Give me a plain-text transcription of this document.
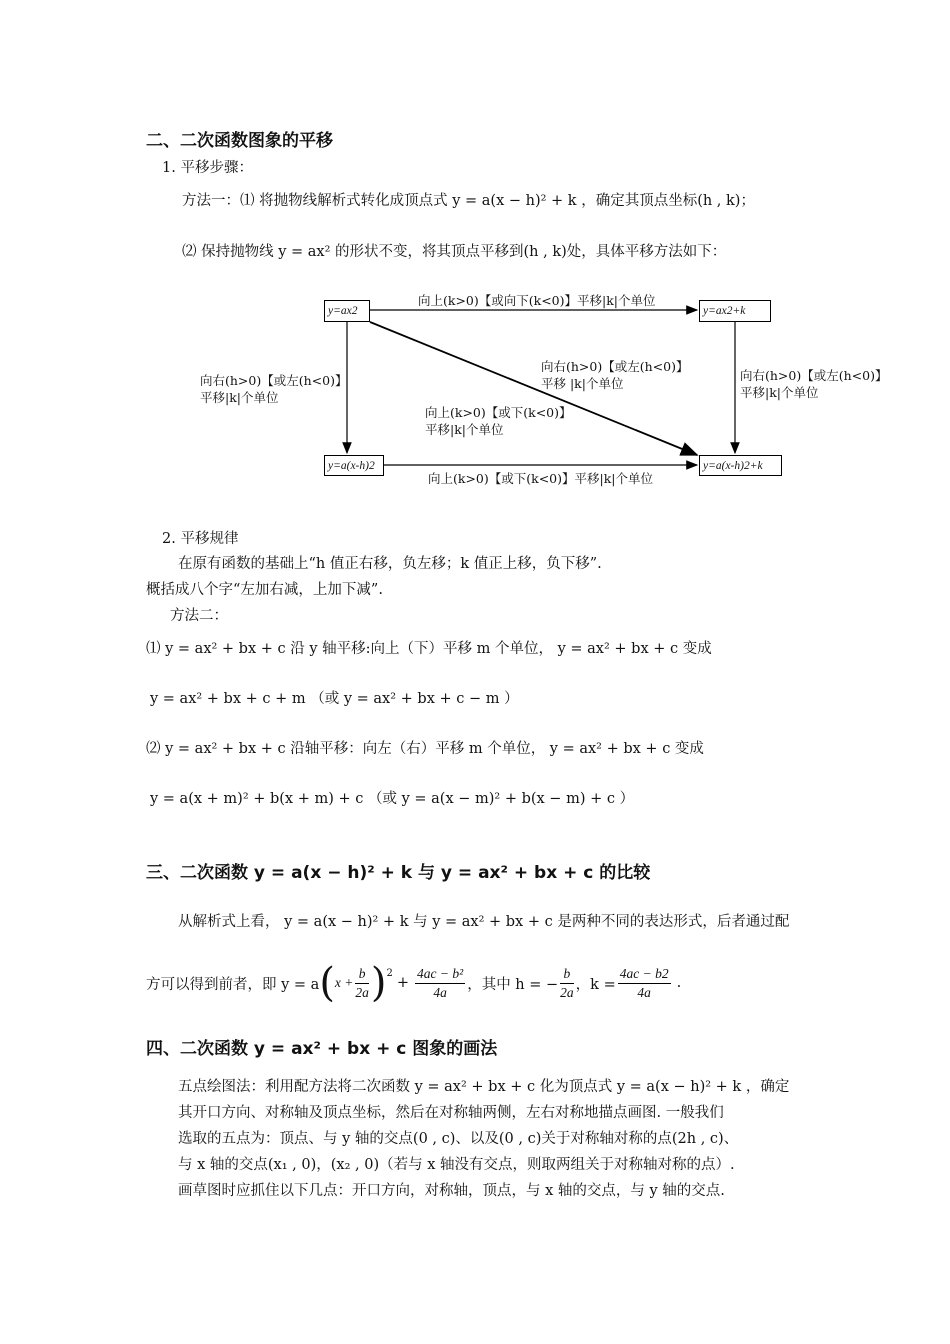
二、二次函数图象的平移
1. 平移步骤：
方法一：⑴ 将抛物线解析式转化成顶点式 y = a(x − h)² + k ，确定其顶点坐标(h , k)；
⑵ 保持抛物线 y = ax² 的形状不变，将其顶点平移到(h , k)处，具体平移方法如下：
y=ax2	y=ax2+k
y=a(x-h)2	y=a(x-h)2+k
向上(k>0)【或向下(k<0)】平移|k|个单位
向上(k>0)【或下(k<0)】平移|k|个单位
向右(h>0)【或左(h<0)】
平移|k|个单位
向右(h>0)【或左(h<0)】
平移|k|个单位
向右(h>0)【或左(h<0)】
平移 |k|个单位
向上(k>0)【或下(k<0)】
平移|k|个单位
2. 平移规律
在原有函数的基础上“h 值正右移，负左移；k 值正上移，负下移”.
概括成八个字“左加右减，上加下减”.
方法二：
⑴ y = ax² + bx + c 沿 y 轴平移:向上（下）平移 m 个单位， y = ax² + bx + c 变成
y = ax² + bx + c + m （或 y = ax² + bx + c − m ）
⑵ y = ax² + bx + c 沿轴平移：向左（右）平移 m 个单位， y = ax² + bx + c 变成
y = a(x + m)² + b(x + m) + c （或 y = a(x − m)² + b(x − m) + c ）
三、二次函数 y = a(x − h)² + k 与 y = ax² + bx + c 的比较
从解析式上看， y = a(x − h)² + k 与 y = ax² + bx + c 是两种不同的表达形式，后者通过配
方可以得到前者，即 y = a ( $x + \frac{b}{2a}$ ) 2
+ $\frac{\text{4ac − b²}}{4a}$ ，其中 h = − $\frac{b}{2a}$ ，$k = \frac{4ac - b2}{4a}$ .
四、二次函数 y = ax² + bx + c 图象的画法
五点绘图法：利用配方法将二次函数 y = ax² + bx + c 化为顶点式 y = a(x − h)² + k ，确定
其开口方向、对称轴及顶点坐标，然后在对称轴两侧，左右对称地描点画图. 一般我们
选取的五点为：顶点、与 y 轴的交点(0 , c)、以及(0 , c)关于对称轴对称的点(2h , c)、
与 x 轴的交点(x₁ , 0)，(x₂ , 0)（若与 x 轴没有交点，则取两组关于对称轴对称的点）.
画草图时应抓住以下几点：开口方向，对称轴，顶点，与 x 轴的交点，与 y 轴的交点.
